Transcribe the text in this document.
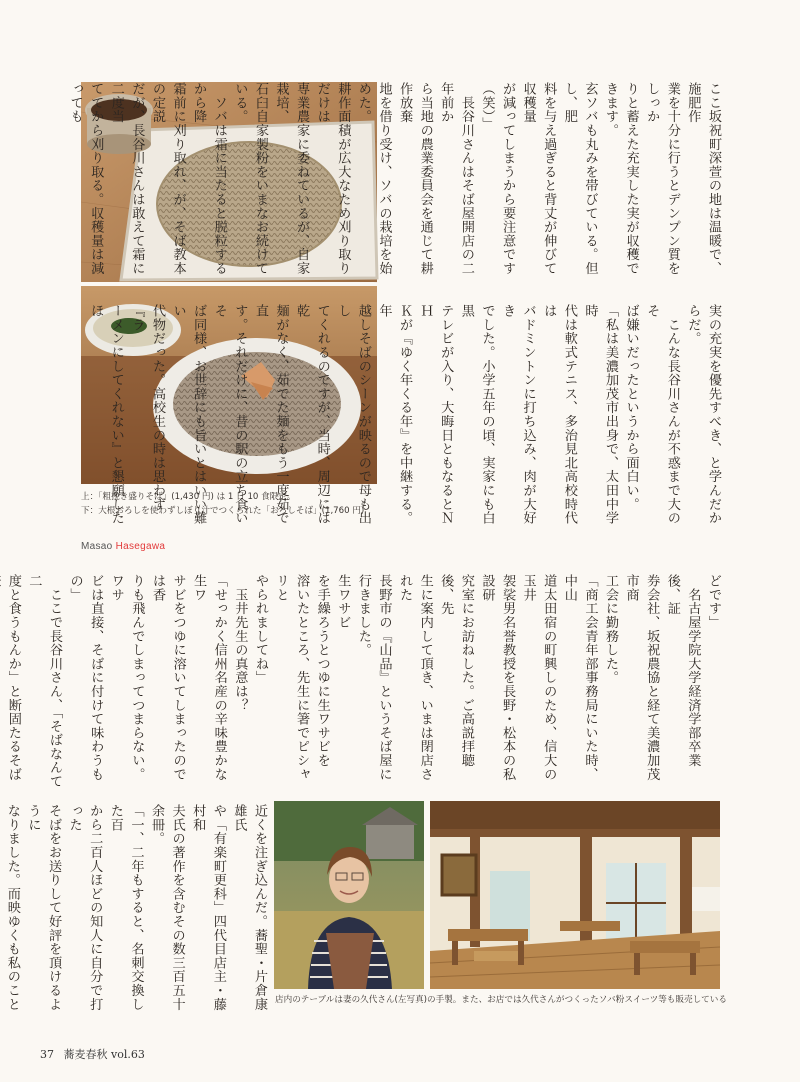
上：「粗挽き盛りそば」(1,430 円) は 1 日 10 食限定。
下：大根おろしを使わずしぼり汁でつくられた「おろしそば」(1,760 円)
Masao Hasegawa
ここ坂祝町深萱の地は温暖で、施肥作
業を十分に行うとデンプン質をしっか
りと蓄えた充実した実が収穫できます。
玄ソバも丸みを帯びている。但し、肥
料を与え過ぎると背丈が伸びて収穫量
が減ってしまうから要注意です（笑）」
　長谷川さんはそば屋開店の二年前か
ら当地の農業委員会を通じて耕作放棄
地を借り受け、ソバの栽培を始めた。
耕作面積が広大なため刈り取りだけは
専業農家に委ねているが、自家栽培、
石臼自家製粉をいまなお続けている。
　ソバは霜に当たると脱粒するから降
霜前に刈り取れ、が、そば教本の定説
だが、長谷川さんは敢えて霜に二度当
ててから刈り取る。収穫量は減っても
実の充実を優先すべき、と学んだからだ。
　こんな長谷川さんが不惑まで大のそ
ば嫌いだったというから面白い。
「私は美濃加茂市出身で、太田中学時
代は軟式テニス、多治見北高校時代は
バドミントンに打ち込み、肉が大好き
でした。小学五年の頃、実家にも白黒
テレビが入り、大晦日ともなるとＮＨ
Ｋが『ゆく年くる年』を中継する。年
越しそばのシーンが映るので母も出し
てくれるのですが、当時、周辺には乾
麺がなく、茹でた麺をもう一度茹で直
す。それだけに、昔の駅の立ち食いそ
ば同様、お世辞にも旨いとはいい難い
代物だった。高校生の時は思わず『ラ
ーメンにしてくれない』と懇願したほ
どです」
　名古屋学院大学経済学部卒業後、証
券会社、坂祝農協と経て美濃加茂市商
工会に勤務した。
「商工会青年部事務局にいた時、中山
道太田宿の町興しのため、信大の玉井
袈裟男名誉教授を長野・松本の私設研
究室にお訪ねした。ご高説拝聴後、先
生に案内して頂き、いまは閉店された
長野市の『山品』というそば屋に行きました。
生ワサビ
を手繰ろうとつゆに生ワサビを
溶いたところ、先生に箸でピシャリと
やられましてね」
　玉井先生の真意は？
「せっかく信州名産の辛味豊かな生ワ
サビをつゆに溶いてしまったのでは香
りも飛んでしまってつまらない。ワサ
ビは直接、そばに付けて味わうもの」
　ここで長谷川さん、「そばなんて二
度と食うもんか」と断固たるそば

近くを注ぎ込んだ。蕎聖・片倉康雄氏
や「有楽町更科」四代目店主・藤村和
夫氏の著作を含むその数三百五十余冊。
「一、二年もすると、名刺交換した百
から二百人ほどの知人に自分で打った
そばをお送りして好評を頂けるように
なりました。而映ゆくも私のこと	店内のテーブルは妻の久代さん(左写真)の手製。また、お店では久代さんがつくったソバ粉スイーツ等も販売している
37 蕎麦春秋 vol.63
